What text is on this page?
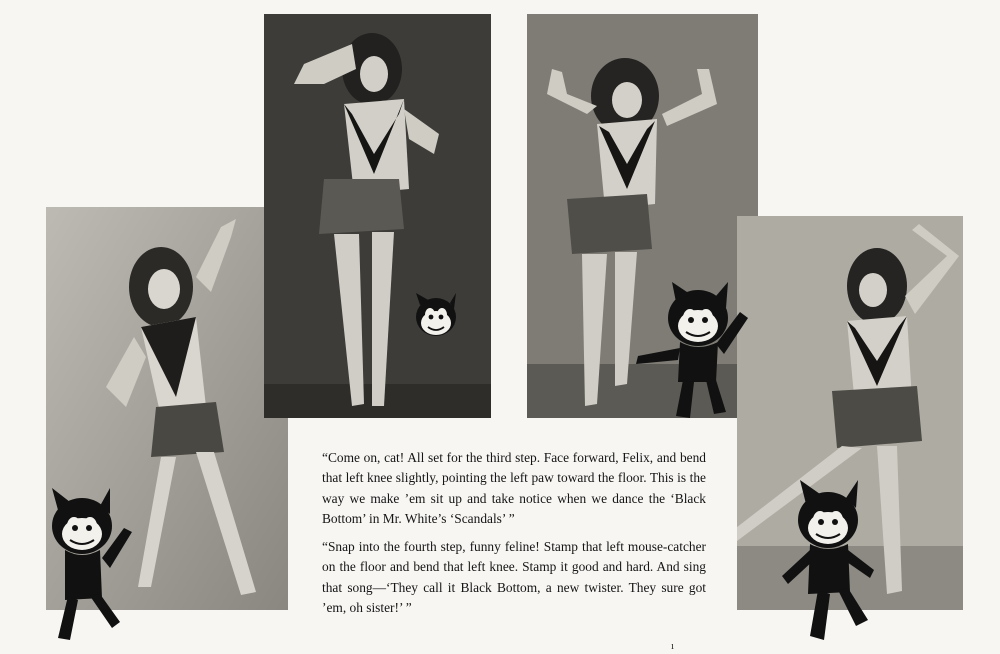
“Come on, cat! All set for the third step. Face forward, Felix, and bend that left knee slightly, pointing the left paw toward the floor. This is the way we make ’em sit up and take notice when we dance the ‘Black Bottom’ in Mr. White’s ‘Scandals’ ”

“Snap into the fourth step, funny feline! Stamp that left mouse-catcher on the floor and bend that left knee. Stamp it good and hard. And sing that song—‘They call it Black Bottom, a new twister. They sure got ’em, oh sister!’ ”

ı
